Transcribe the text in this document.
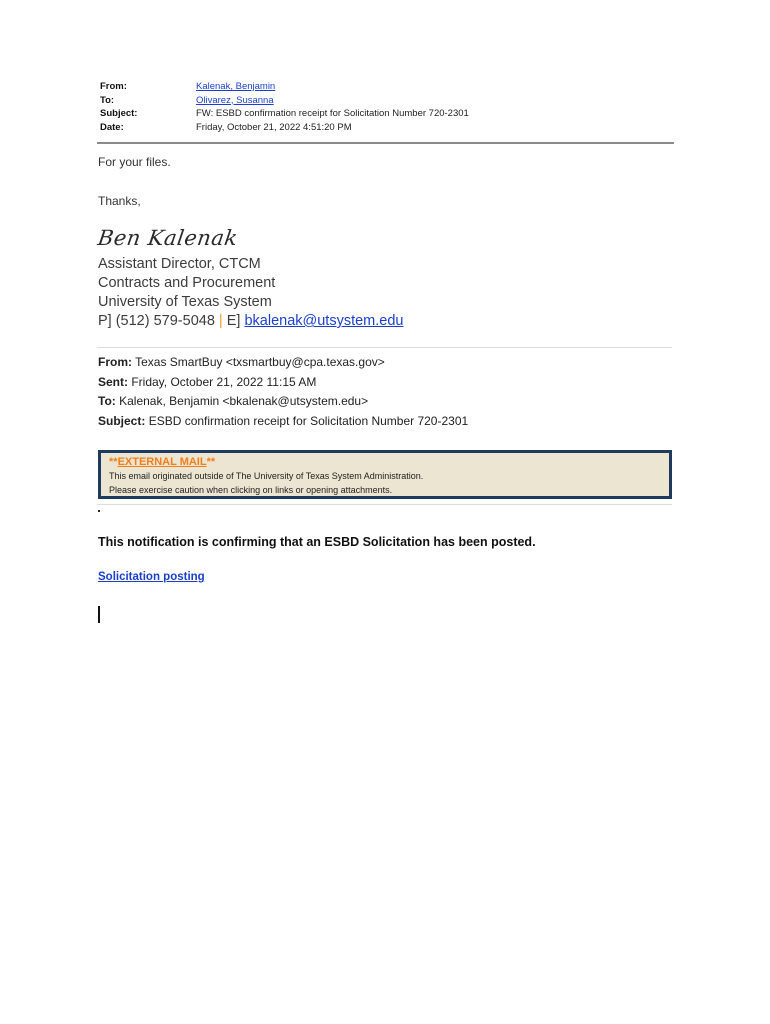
From:	Kalenak, Benjamin
To:	Olivarez, Susanna
Subject:	FW: ESBD confirmation receipt for Solicitation Number 720-2301
Date:	Friday, October 21, 2022 4:51:20 PM
For your files.
Thanks,
Ben Kalenak
Assistant Director, CTCM
Contracts and Procurement
University of Texas System
P] (512) 579-5048 | E] bkalenak@utsystem.edu
From: Texas SmartBuy <txsmartbuy@cpa.texas.gov>
Sent: Friday, October 21, 2022 11:15 AM
To: Kalenak, Benjamin <bkalenak@utsystem.edu>
Subject: ESBD confirmation receipt for Solicitation Number 720-2301
**EXTERNAL MAIL**
This email originated outside of The University of Texas System Administration.
Please exercise caution when clicking on links or opening attachments.
This notification is confirming that an ESBD Solicitation has been posted.
Solicitation posting
